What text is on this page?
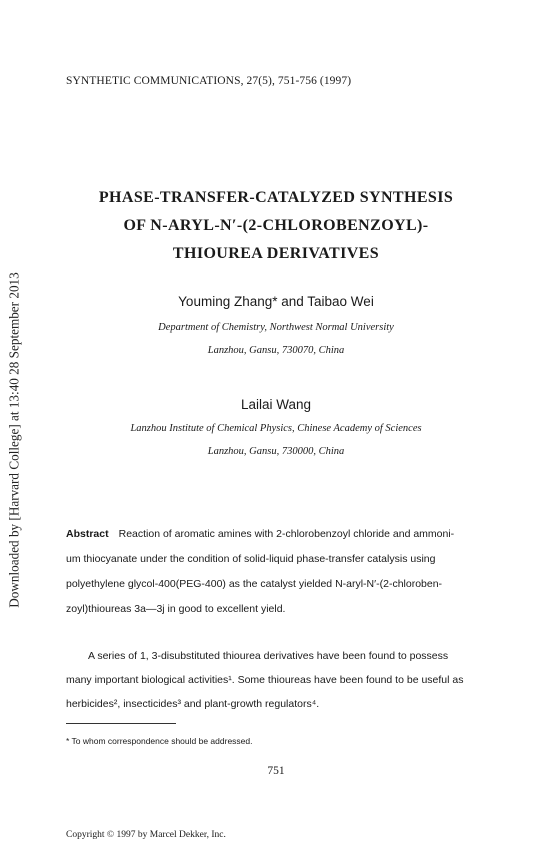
Downloaded by [Harvard College] at 13:40 28 September 2013
SYNTHETIC COMMUNICATIONS, 27(5), 751-756 (1997)
PHASE-TRANSFER-CATALYZED SYNTHESIS
OF N-ARYL-N′-(2-CHLOROBENZOYL)-
THIOUREA DERIVATIVES
Youming Zhang* and Taibao Wei
Department of Chemistry, Northwest Normal University
Lanzhou, Gansu, 730070, China
Lailai Wang
Lanzhou Institute of Chemical Physics, Chinese Academy of Sciences
Lanzhou, Gansu, 730000, China
Abstract Reaction of aromatic amines with 2-chlorobenzoyl chloride and ammoni-
um thiocyanate under the condition of solid-liquid phase-transfer catalysis using
polyethylene glycol-400(PEG-400) as the catalyst yielded N-aryl-N′-(2-chloroben-
zoyl)thioureas 3a—3j in good to excellent yield.
A series of 1, 3-disubstituted thiourea derivatives have been found to possess
many important biological activities¹. Some thioureas have been found to be useful as
herbicides², insecticides³ and plant-growth regulators⁴.
* To whom correspondence should be addressed.
751
Copyright © 1997 by Marcel Dekker, Inc.
